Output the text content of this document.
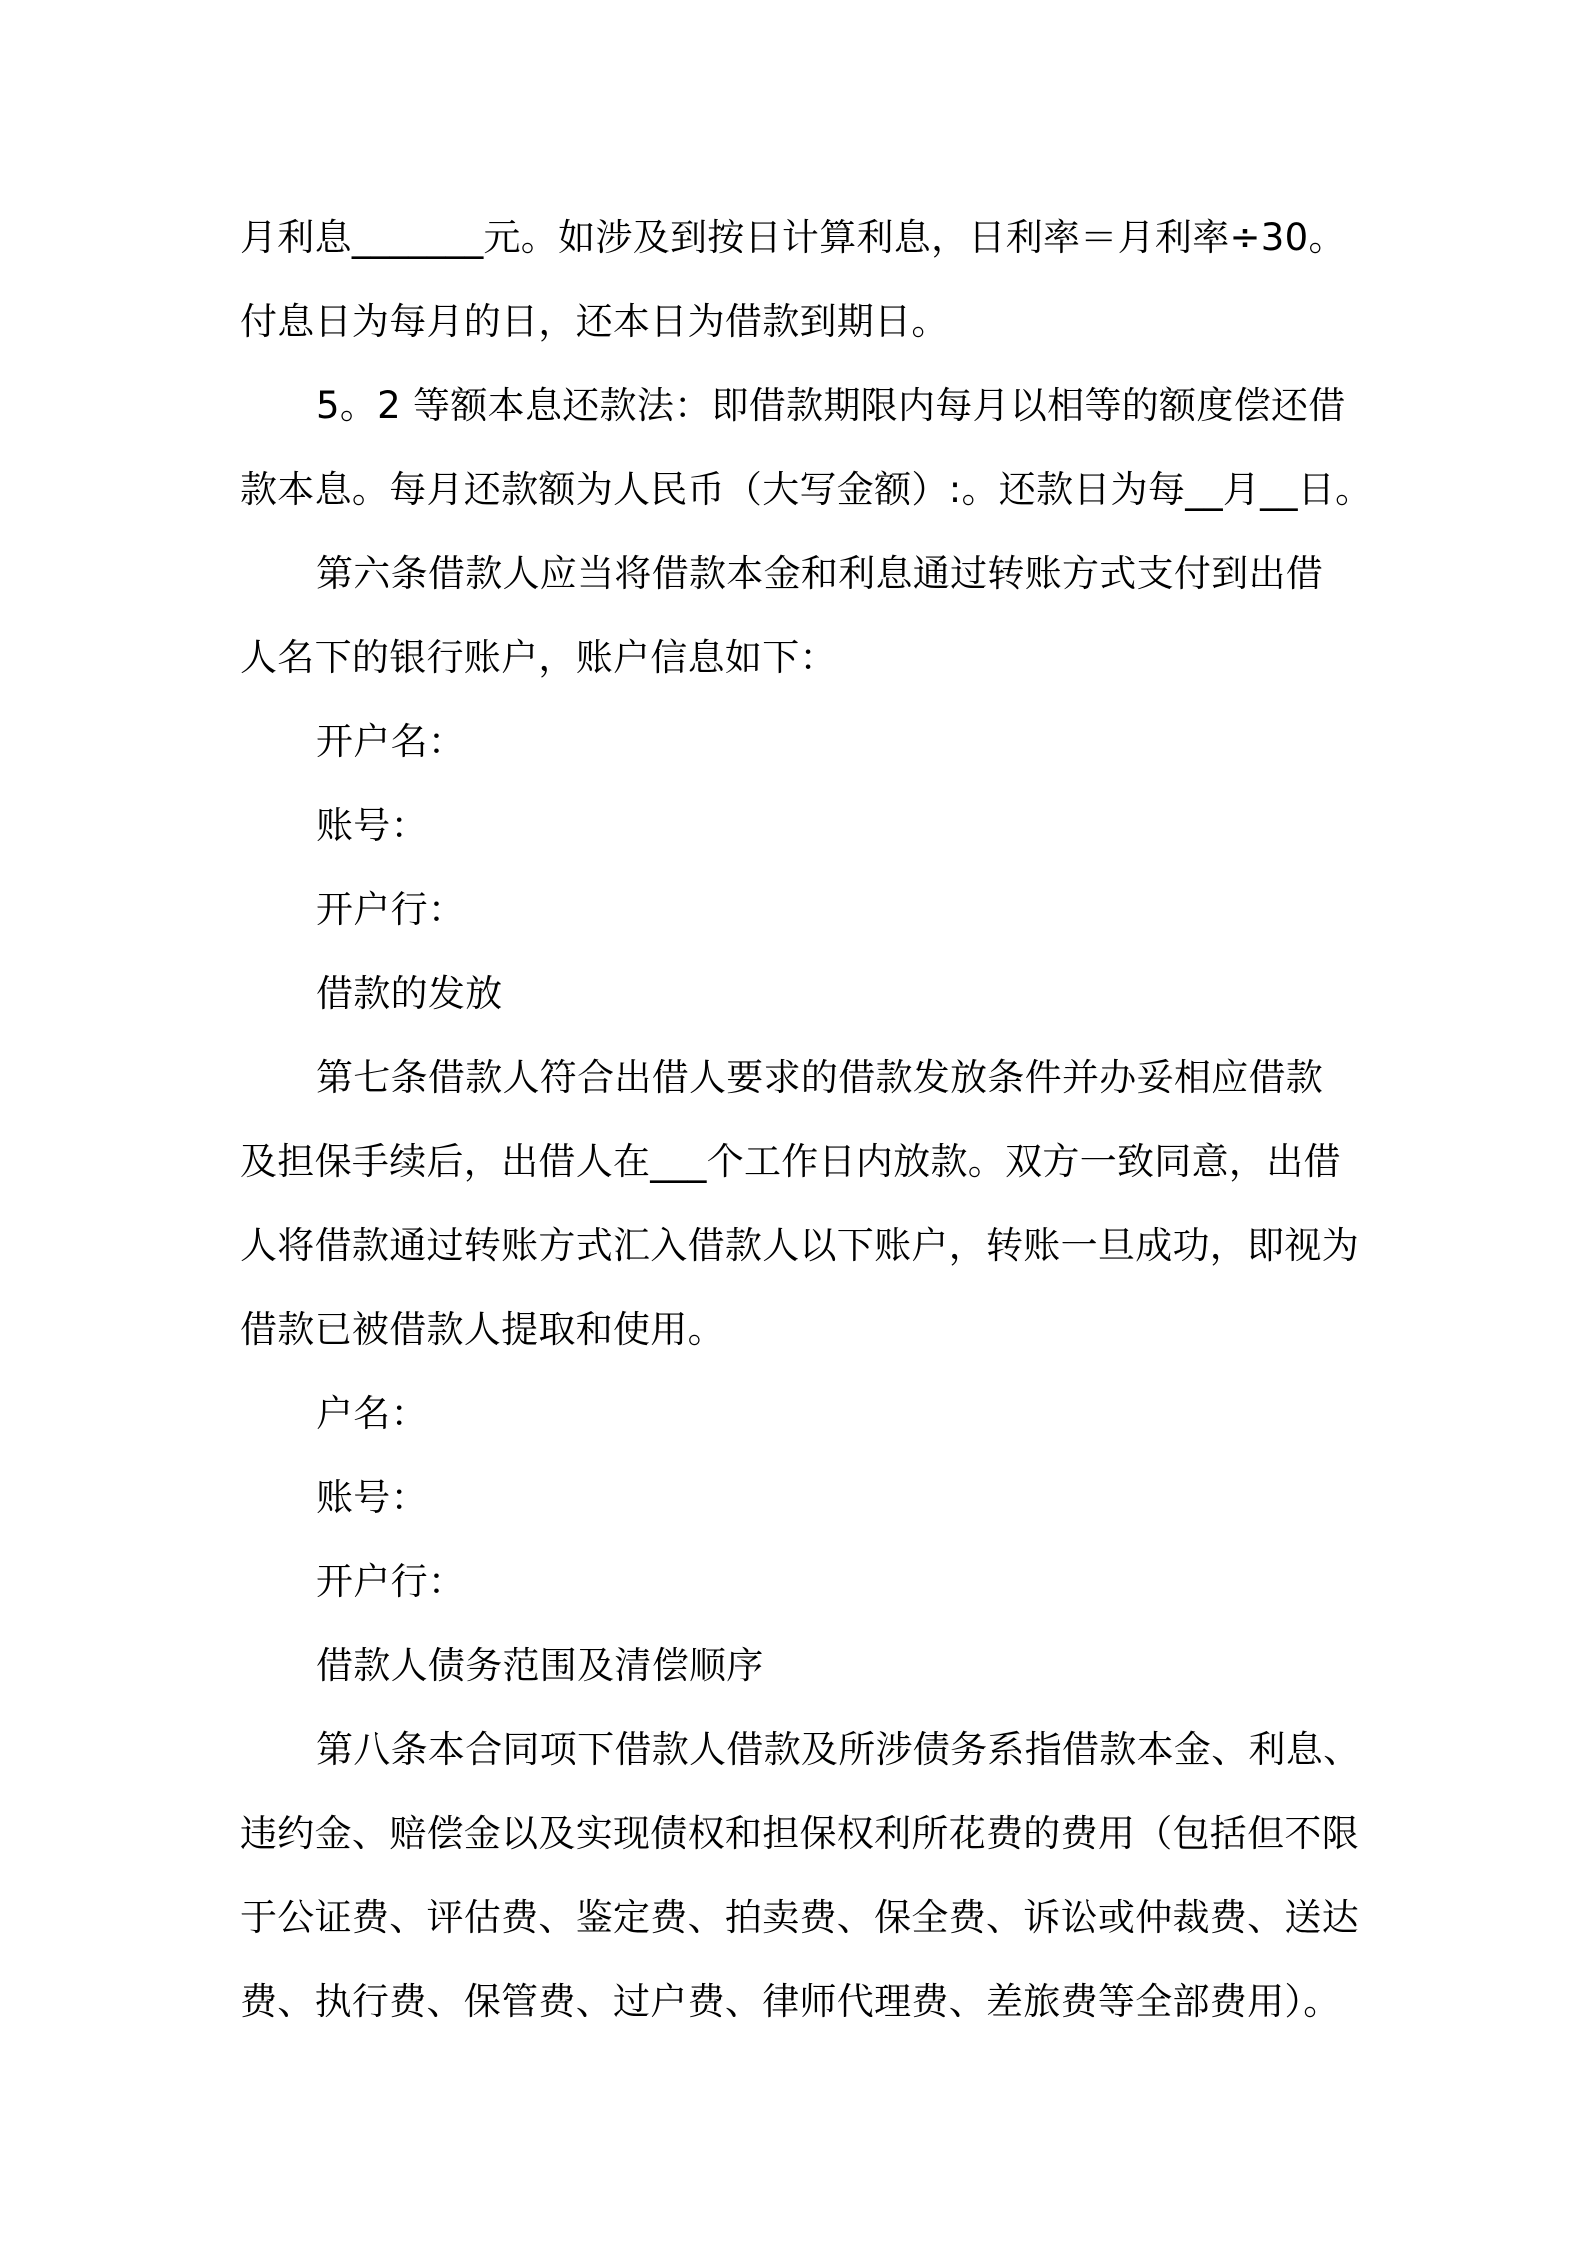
月利息_______元。如涉及到按日计算利息，日利率＝月利率÷30。
付息日为每月的日，还本日为借款到期日。
5。2 等额本息还款法：即借款期限内每月以相等的额度偿还借
款本息。每月还款额为人民币（大写金额）:。还款日为每__月__日。
第六条借款人应当将借款本金和利息通过转账方式支付到出借
人名下的银行账户，账户信息如下：
开户名：
账号：
开户行：
借款的发放
第七条借款人符合出借人要求的借款发放条件并办妥相应借款
及担保手续后，出借人在___个工作日内放款。双方一致同意，出借
人将借款通过转账方式汇入借款人以下账户，转账一旦成功，即视为
借款已被借款人提取和使用。
户名：
账号：
开户行：
借款人债务范围及清偿顺序
第八条本合同项下借款人借款及所涉债务系指借款本金、利息、
违约金、赔偿金以及实现债权和担保权利所花费的费用（包括但不限
于公证费、评估费、鉴定费、拍卖费、保全费、诉讼或仲裁费、送达
费、执行费、保管费、过户费、律师代理费、差旅费等全部费用）。
